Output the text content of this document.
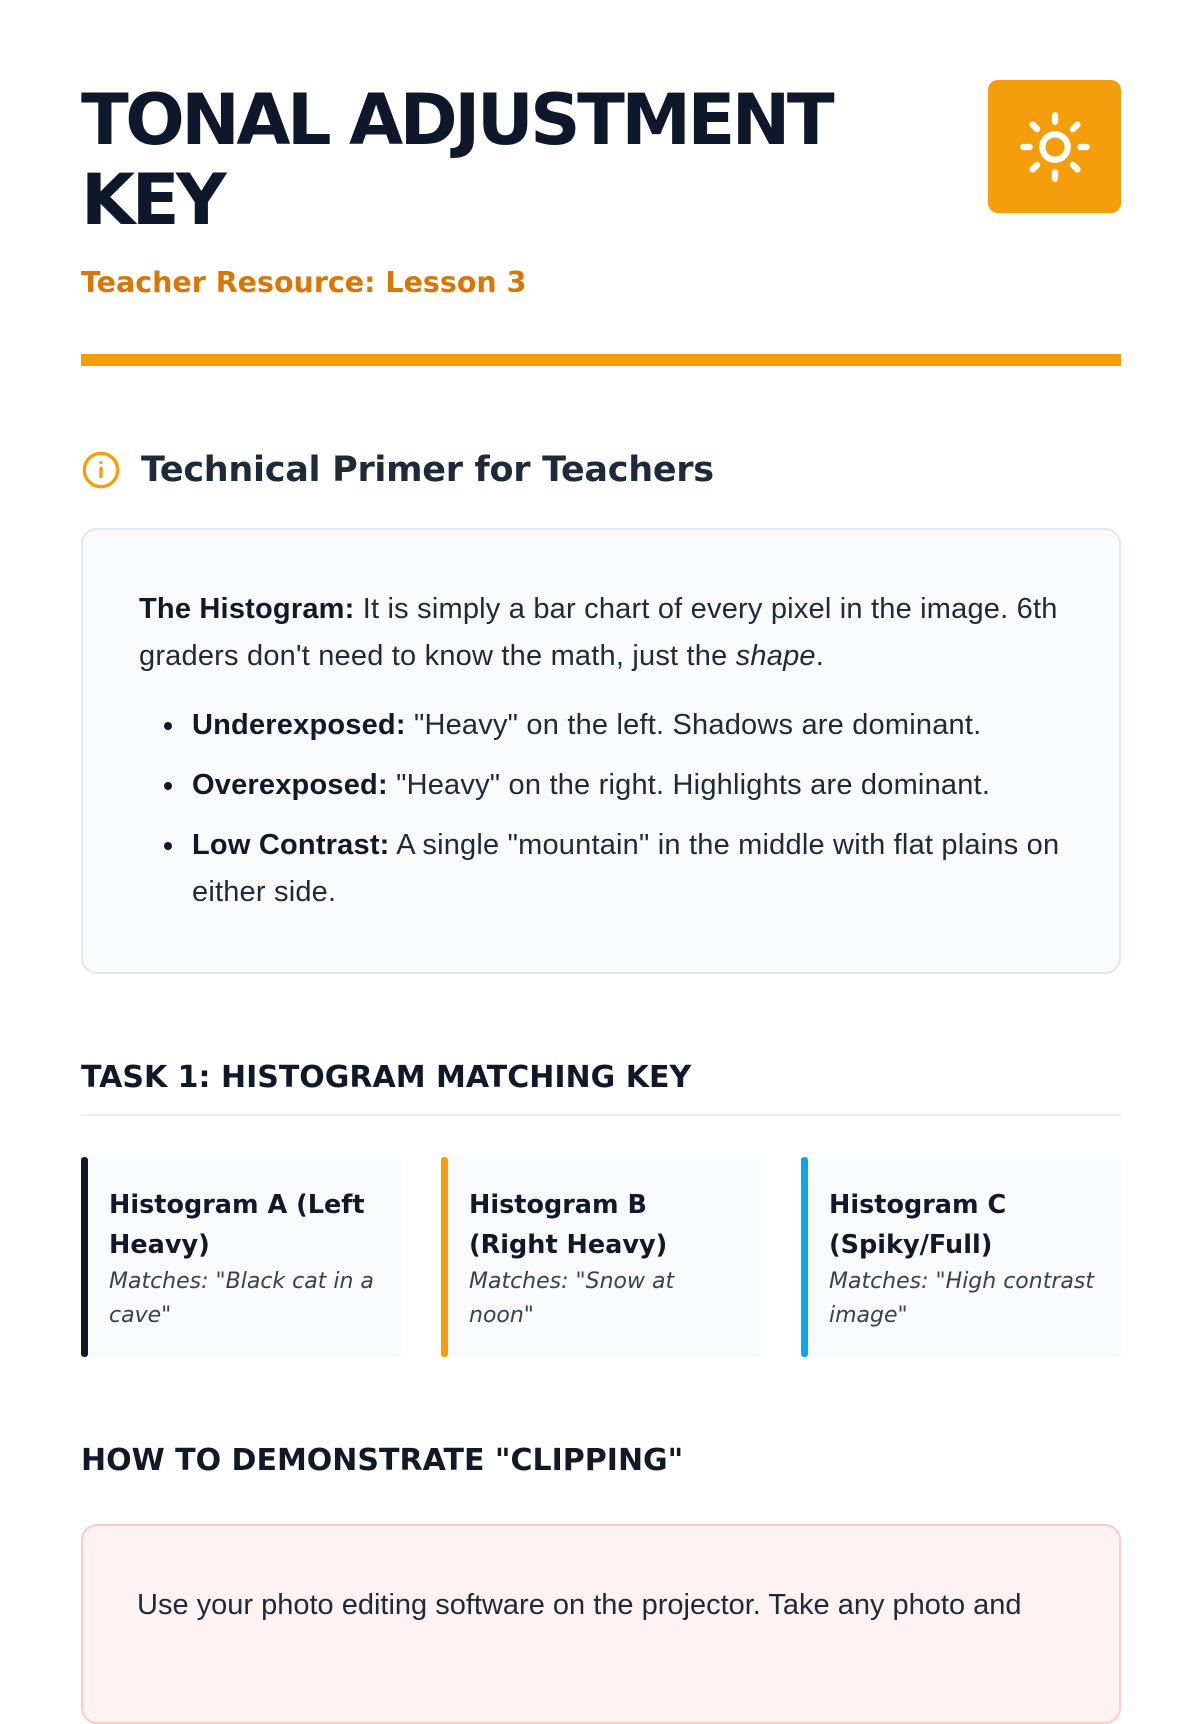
TONAL ADJUSTMENT KEY
Teacher Resource: Lesson 3
Technical Primer for Teachers

The Histogram: It is simply a bar chart of every pixel in the image. 6th graders don't need to know the math, just the shape.

Underexposed: "Heavy" on the left. Shadows are dominant.
Overexposed: "Heavy" on the right. Highlights are dominant.
Low Contrast: A single "mountain" in the middle with flat plains on either side.
TASK 1: HISTOGRAM MATCHING KEY
Histogram A (Left Heavy)
Matches: "Black cat in a cave"
Histogram B (Right Heavy)
Matches: "Snow at noon"
Histogram C (Spiky/Full)
Matches: "High contrast image"
HOW TO DEMONSTRATE "CLIPPING"

Use your photo editing software on the projector. Take any photo and
